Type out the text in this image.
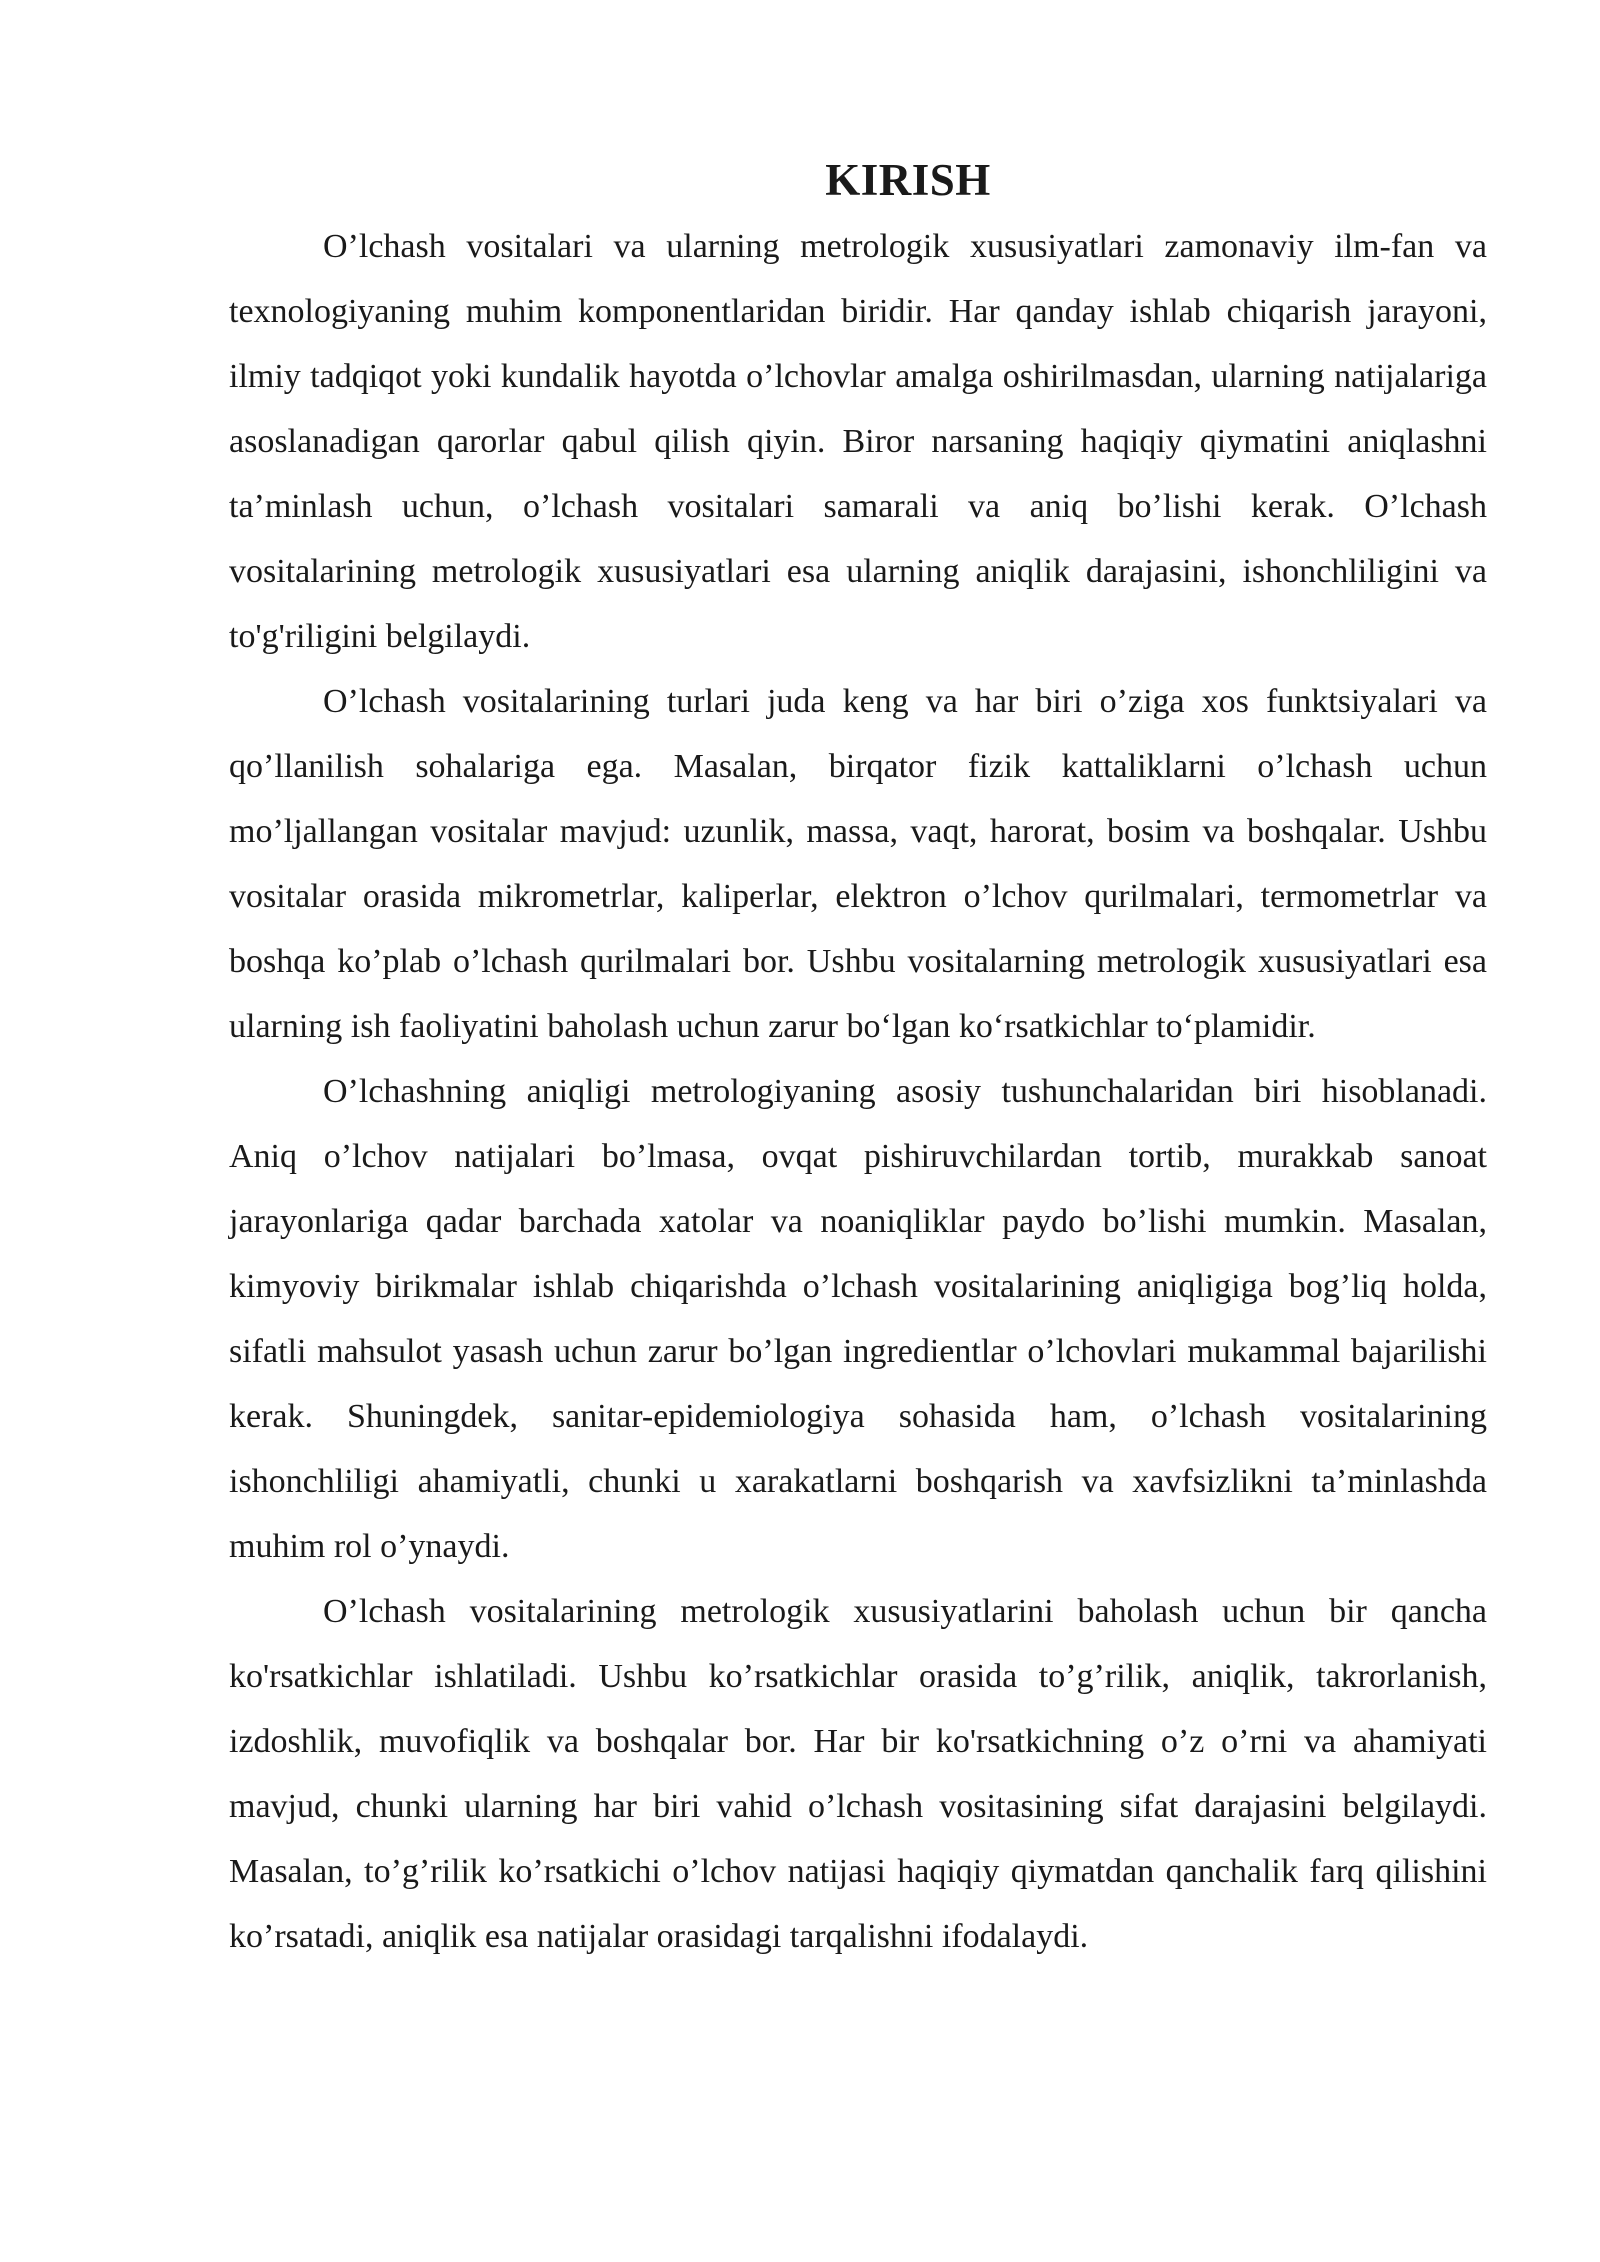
KIRISH

O’lchash vositalari va ularning metrologik xususiyatlari zamonaviy ilm-fan va texnologiyaning muhim komponentlaridan biridir. Har qanday ishlab chiqarish jarayoni, ilmiy tadqiqot yoki kundalik hayotda o’lchovlar amalga oshirilmasdan, ularning natijalariga asoslanadigan qarorlar qabul qilish qiyin. Biror narsaning haqiqiy qiymatini aniqlashni ta’minlash uchun, o’lchash vositalari samarali va aniq bo’lishi kerak. O’lchash vositalarining metrologik xususiyatlari esa ularning aniqlik darajasini, ishonchliligini va to'g'riligini belgilaydi.

O’lchash vositalarining turlari juda keng va har biri o’ziga xos funktsiyalari va qo’llanilish sohalariga ega. Masalan, birqator fizik kattaliklarni o’lchash uchun mo’ljallangan vositalar mavjud: uzunlik, massa, vaqt, harorat, bosim va boshqalar. Ushbu vositalar orasida mikrometrlar, kaliperlar, elektron o’lchov qurilmalari, termometrlar va boshqa ko’plab o’lchash qurilmalari bor. Ushbu vositalarning metrologik xususiyatlari esa ularning ish faoliyatini baholash uchun zarur bo‘lgan ko‘rsatkichlar to‘plamidir.

O’lchashning aniqligi metrologiyaning asosiy tushunchalaridan biri hisoblanadi. Aniq o’lchov natijalari bo’lmasa, ovqat pishiruvchilardan tortib, murakkab sanoat jarayonlariga qadar barchada xatolar va noaniqliklar paydo bo’lishi mumkin. Masalan, kimyoviy birikmalar ishlab chiqarishda o’lchash vositalarining aniqligiga bog’liq holda, sifatli mahsulot yasash uchun zarur bo’lgan ingredientlar o’lchovlari mukammal bajarilishi kerak. Shuningdek, sanitar-epidemiologiya sohasida ham, o’lchash vositalarining ishonchliligi ahamiyatli, chunki u xarakatlarni boshqarish va xavfsizlikni ta’minlashda muhim rol o’ynaydi.

O’lchash vositalarining metrologik xususiyatlarini baholash uchun bir qancha ko'rsatkichlar ishlatiladi. Ushbu ko’rsatkichlar orasida to’g’rilik, aniqlik, takrorlanish, izdoshlik, muvofiqlik va boshqalar bor. Har bir ko'rsatkichning o’z o’rni va ahamiyati mavjud, chunki ularning har biri vahid o’lchash vositasining sifat darajasini belgilaydi. Masalan, to’g’rilik ko’rsatkichi o’lchov natijasi haqiqiy qiymatdan qanchalik farq qilishini ko’rsatadi, aniqlik esa natijalar orasidagi tarqalishni ifodalaydi.
